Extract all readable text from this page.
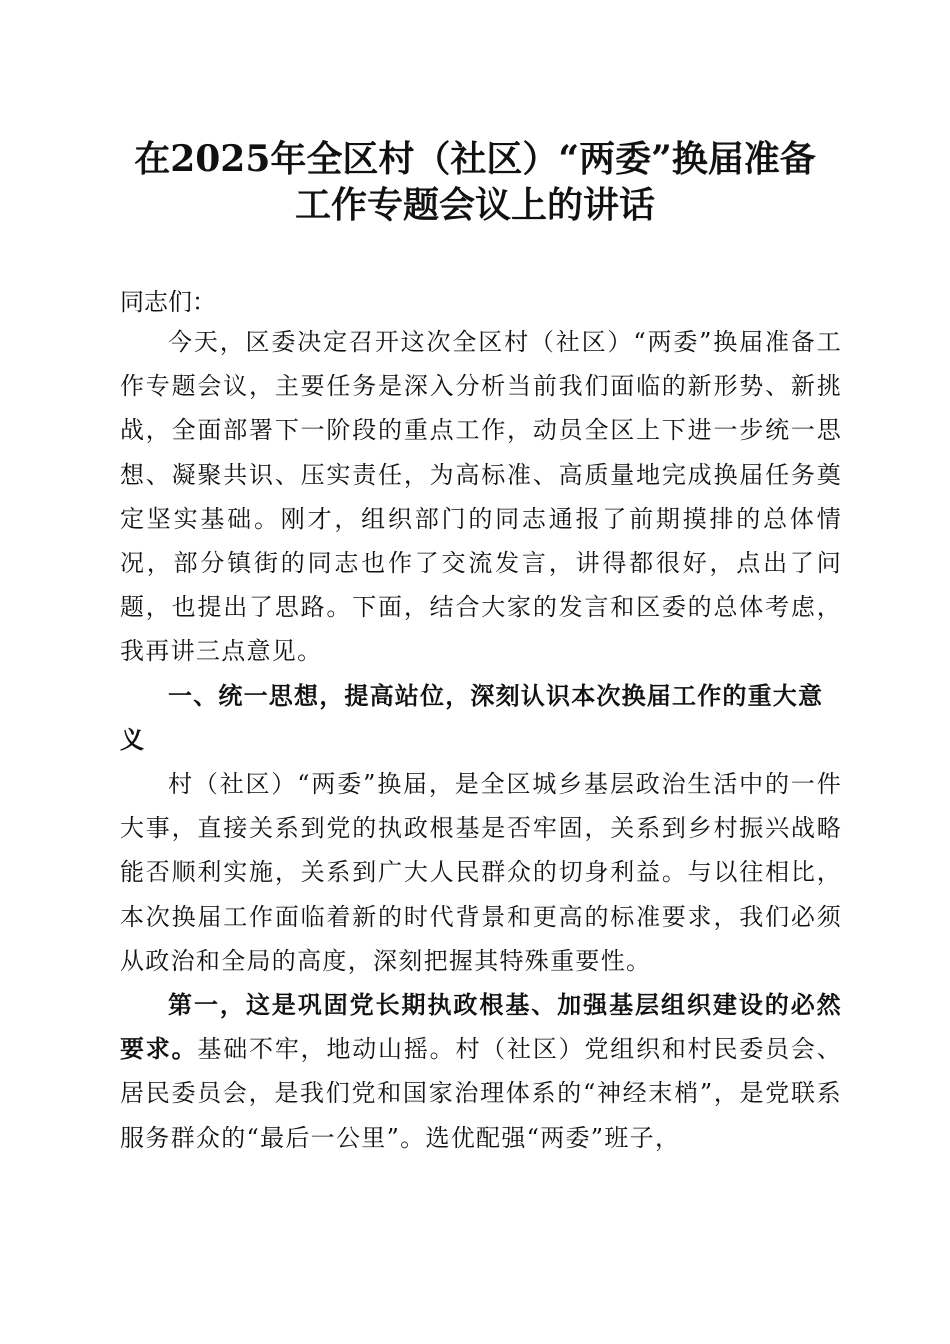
在2025年全区村（社区）“两委”换届准备
工作专题会议上的讲话
同志们：

今天，区委决定召开这次全区村（社区）“两委”换届准备工作专题会议，主要任务是深入分析当前我们面临的新形势、新挑战，全面部署下一阶段的重点工作，动员全区上下进一步统一思想、凝聚共识、压实责任，为高标准、高质量地完成换届任务奠定坚实基础。刚才，组织部门的同志通报了前期摸排的总体情况，部分镇街的同志也作了交流发言，讲得都很好，点出了问题，也提出了思路。下面，结合大家的发言和区委的总体考虑，我再讲三点意见。

一、统一思想，提高站位，深刻认识本次换届工作的重大意义

村（社区）“两委”换届，是全区城乡基层政治生活中的一件大事，直接关系到党的执政根基是否牢固，关系到乡村振兴战略能否顺利实施，关系到广大人民群众的切身利益。与以往相比，本次换届工作面临着新的时代背景和更高的标准要求，我们必须从政治和全局的高度，深刻把握其特殊重要性。

第一，这是巩固党长期执政根基、加强基层组织建设的必然要求。基础不牢，地动山摇。村（社区）党组织和村民委员会、居民委员会，是我们党和国家治理体系的“神经末梢”，是党联系服务群众的“最后一公里”。选优配强“两委”班子，
